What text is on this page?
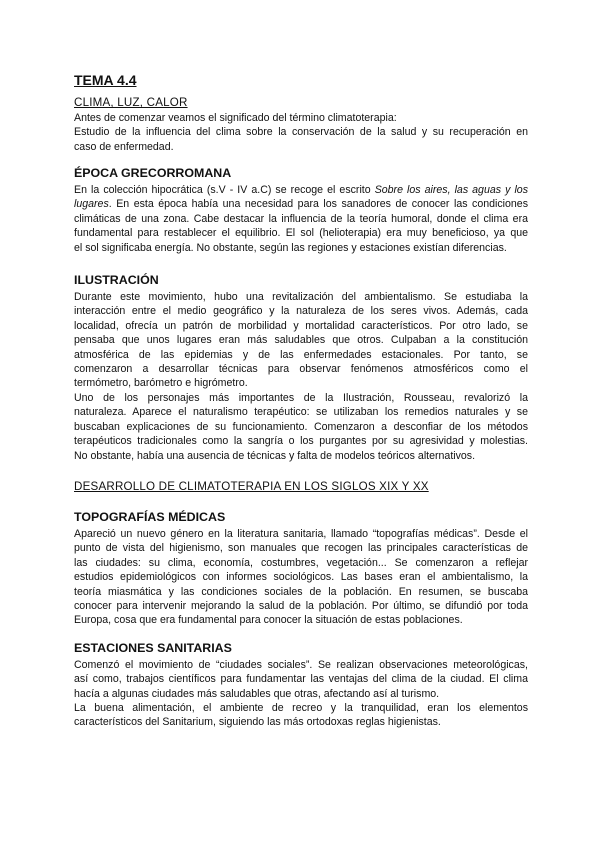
TEMA 4.4
CLIMA, LUZ, CALOR
Antes de comenzar veamos el significado del término climatoterapia:
Estudio de la influencia del clima sobre la conservación de la salud y su recuperación en
caso de enfermedad.
ÉPOCA GRECORROMANA
En la colección hipocrática (s.V - IV a.C) se recoge el escrito Sobre los aires, las aguas y los
lugares. En esta época había una necesidad para los sanadores de conocer las condiciones
climáticas de una zona. Cabe destacar la influencia de la teoría humoral, donde el clima era
fundamental para restablecer el equilibrio. El sol (helioterapia) era muy beneficioso, ya que
el sol significaba energía. No obstante, según las regiones y estaciones existían diferencias.
ILUSTRACIÓN
Durante este movimiento, hubo una revitalización del ambientalismo. Se estudiaba la
interacción entre el medio geográfico y la naturaleza de los seres vivos. Además, cada
localidad, ofrecía un patrón de morbilidad y mortalidad característicos. Por otro lado, se
pensaba que unos lugares eran más saludables que otros. Culpaban a la constitución
atmosférica de las epidemias y de las enfermedades estacionales. Por tanto, se
comenzaron a desarrollar técnicas para observar fenómenos atmosféricos como el
termómetro, barómetro e higrómetro.
Uno de los personajes más importantes de la Ilustración, Rousseau, revalorizó la
naturaleza. Aparece el naturalismo terapéutico: se utilizaban los remedios naturales y se
buscaban explicaciones de su funcionamiento. Comenzaron a desconfiar de los métodos
terapéuticos tradicionales como la sangría o los purgantes por su agresividad y molestias.
No obstante, había una ausencia de técnicas y falta de modelos teóricos alternativos.
DESARROLLO DE CLIMATOTERAPIA EN LOS SIGLOS XIX Y XX
TOPOGRAFÍAS MÉDICAS
Apareció un nuevo género en la literatura sanitaria, llamado “topografías médicas”. Desde el
punto de vista del higienismo, son manuales que recogen las principales características de
las ciudades: su clima, economía, costumbres, vegetación... Se comenzaron a reflejar
estudios epidemiológicos con informes sociológicos. Las bases eran el ambientalismo, la
teoría miasmática y las condiciones sociales de la población. En resumen, se buscaba
conocer para intervenir mejorando la salud de la población. Por último, se difundió por toda
Europa, cosa que era fundamental para conocer la situación de estas poblaciones.
ESTACIONES SANITARIAS
Comenzó el movimiento de “ciudades sociales”. Se realizan observaciones meteorológicas,
así como, trabajos científicos para fundamentar las ventajas del clima de la ciudad. El clima
hacía a algunas ciudades más saludables que otras, afectando así al turismo.
La buena alimentación, el ambiente de recreo y la tranquilidad, eran los elementos
característicos del Sanitarium, siguiendo las más ortodoxas reglas higienistas.
